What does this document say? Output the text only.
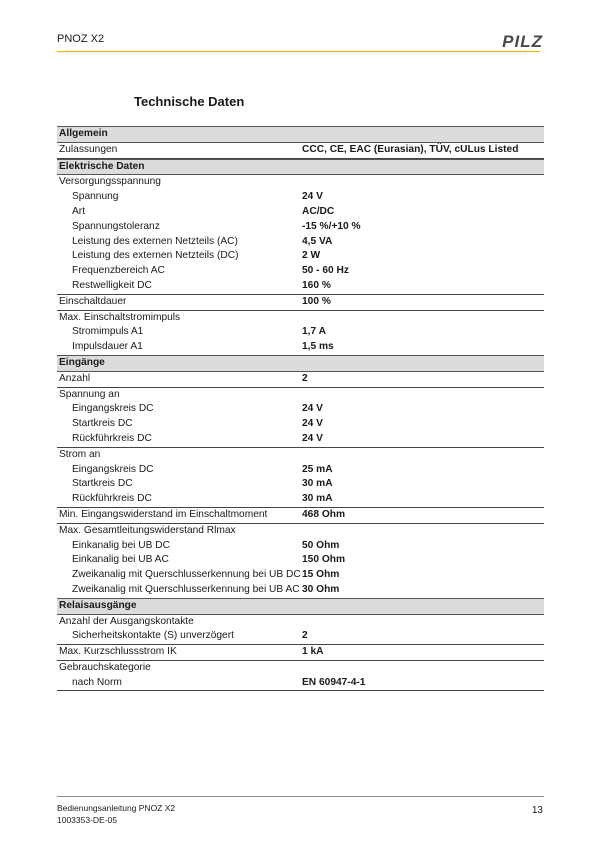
PNOZ X2	PILZ
Technische Daten
Allgemein
Zulassungen	CCC, CE, EAC (Eurasian), TÜV, cULus Listed
Elektrische Daten
Versorgungsspannung
Spannung	24 V
Art	AC/DC
Spannungstoleranz	-15 %/+10 %
Leistung des externen Netzteils (AC)	4,5 VA
Leistung des externen Netzteils (DC)	2 W
Frequenzbereich AC	50 - 60 Hz
Restwelligkeit DC	160 %
Einschaltdauer	100 %
Max. Einschaltstromimpuls
Stromimpuls A1	1,7 A
Impulsdauer A1	1,5 ms
Eingänge
Anzahl	2
Spannung an
Eingangskreis DC	24 V
Startkreis DC	24 V
Rückführkreis DC	24 V
Strom an
Eingangskreis DC	25 mA
Startkreis DC	30 mA
Rückführkreis DC	30 mA
Min. Eingangswiderstand im Einschaltmoment	468 Ohm
Max. Gesamtleitungswiderstand Rlmax
Einkanalig bei UB DC	50 Ohm
Einkanalig bei UB AC	150 Ohm
Zweikanalig mit Querschlusserkennung bei UB DC 15 Ohm
Zweikanalig mit Querschlusserkennung bei UB AC 30 Ohm
Relaisausgänge
Anzahl der Ausgangskontakte
Sicherheitskontakte (S) unverzögert	2
Max. Kurzschlussstrom IK	1 kA
Gebrauchskategorie
nach Norm	EN 60947-4-1
Bedienungsanleitung PNOZ X2
1003353-DE-05
13
